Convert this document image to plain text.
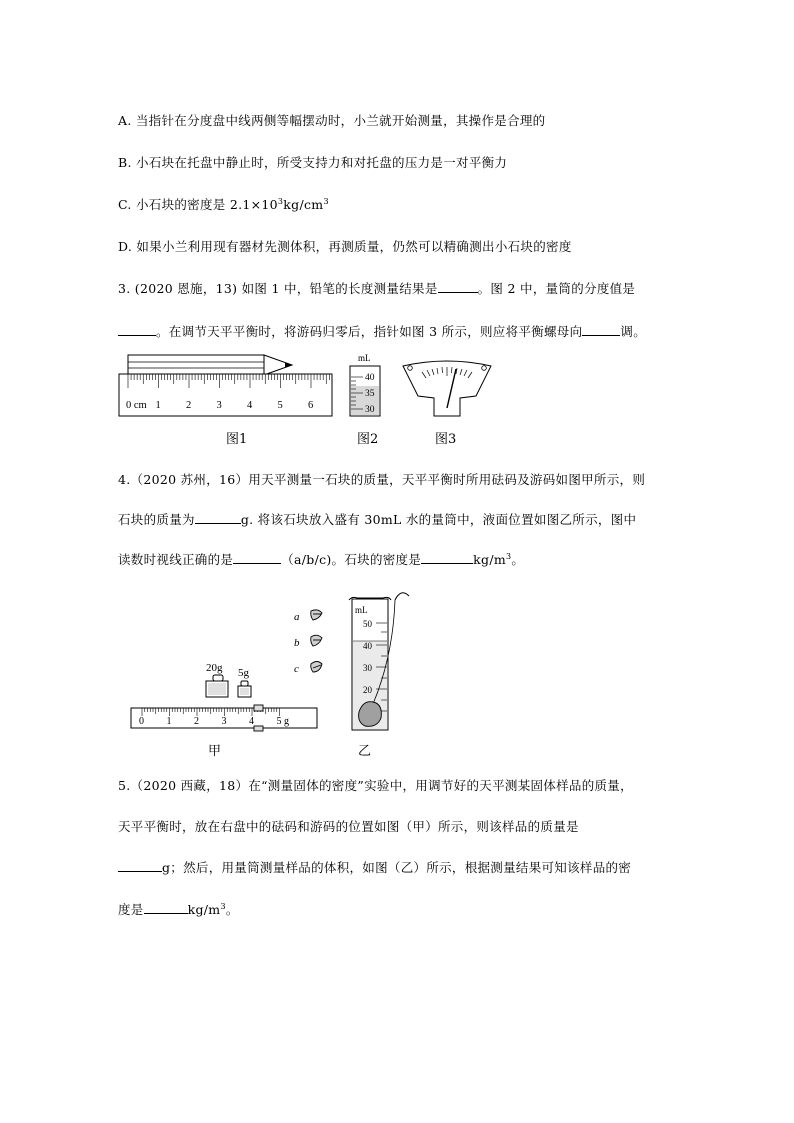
A. 当指针在分度盘中线两侧等幅摆动时，小兰就开始测量，其操作是合理的
B. 小石块在托盘中静止时，所受支持力和对托盘的压力是一对平衡力
C. 小石块的密度是 $2.1\times 10^3kg/cm^3$
D. 如果小兰利用现有器材先测体积，再测质量，仍然可以精确测出小石块的密度
3. (2020 恩施，13) 如图 1 中，铅笔的长度测量结果是	。图 2 中，量筒的分度值是
。在调节天平平衡时，将游码归零后，指针如图 3 所示，则应将平衡螺母向	调。
0 cm 1 2 3 4 5 6
图1
mL
40
35
30
图2	图3
4.（2020 苏州，16）用天平测量一石块的质量，天平平衡时所用砝码及游码如图甲所示，则
石块的质量为	g. 将该石块放入盛有 30mL 水的量筒中，液面位置如图乙所示，图中
读数时视线正确的是	（a/b/c)。石块的密度是	$kg/m^3$。
20g 5g
0 1 2 3 4 5 g
甲
a
b
c
mL
50
40
30
20
乙
5.（2020 西藏，18）在“测量固体的密度”实验中，用调节好的天平测某固体样品的质量，
天平平衡时，放在右盘中的砝码和游码的位置如图（甲）所示，则该样品的质量是
g；然后，用量筒测量样品的体积，如图（乙）所示，根据测量结果可知该样品的密
度是	$kg/m^3$。
